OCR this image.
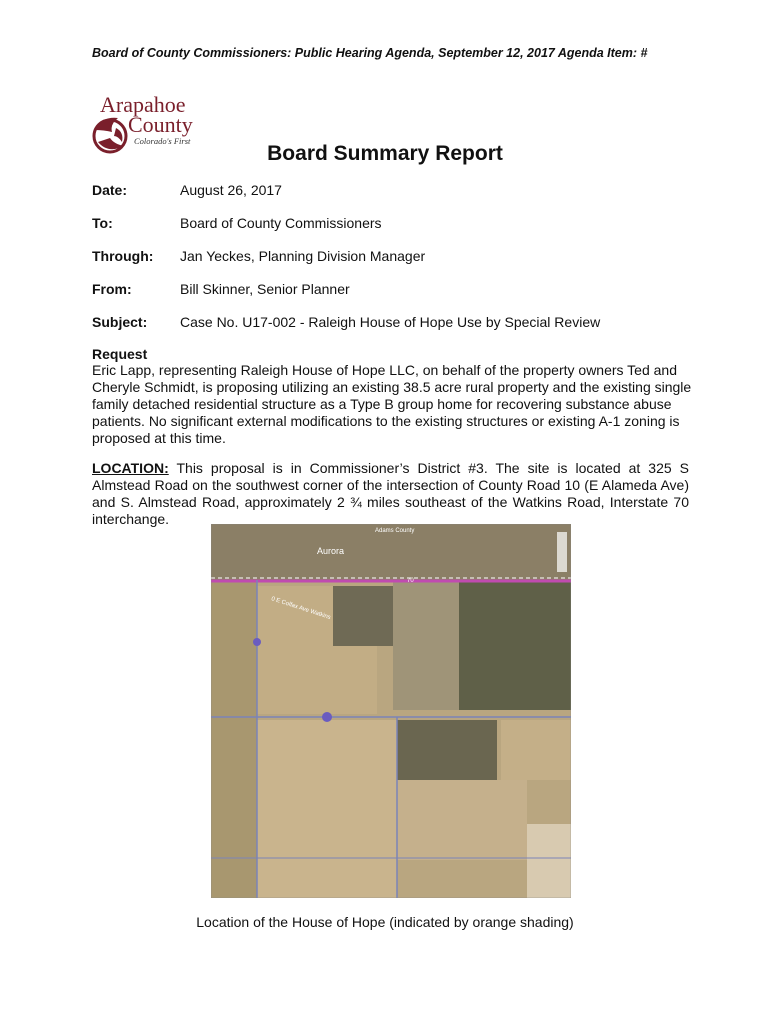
Board of County Commissioners: Public Hearing Agenda, September 12, 2017 Agenda Item: #
Arapahoe
County
Colorado's First
Board Summary Report
Date:	August 26, 2017
To:	Board of County Commissioners
Through: Jan Yeckes, Planning Division Manager
From:	Bill Skinner, Senior Planner
Subject: Case No. U17-002 - Raleigh House of Hope Use by Special Review
Request
Eric Lapp, representing Raleigh House of Hope LLC, on behalf of the property owners Ted and Cheryle Schmidt, is proposing utilizing an existing 38.5 acre rural property and the existing single family detached residential structure as a Type B group home for recovering substance abuse patients. No significant external modifications to the existing structures or existing A-1 zoning is proposed at this time.
LOCATION: This proposal is in Commissioner’s District #3. The site is located at 325 S Almstead Road on the southwest corner of the intersection of County Road 10 (E Alameda Ave) and S. Almstead Road, approximately 2 ¾ miles southeast of the Watkins Road, Interstate 70 interchange.
Adams County
Aurora
0 E Colfax Ave Watkins
70
Location of the House of Hope (indicated by orange shading)
